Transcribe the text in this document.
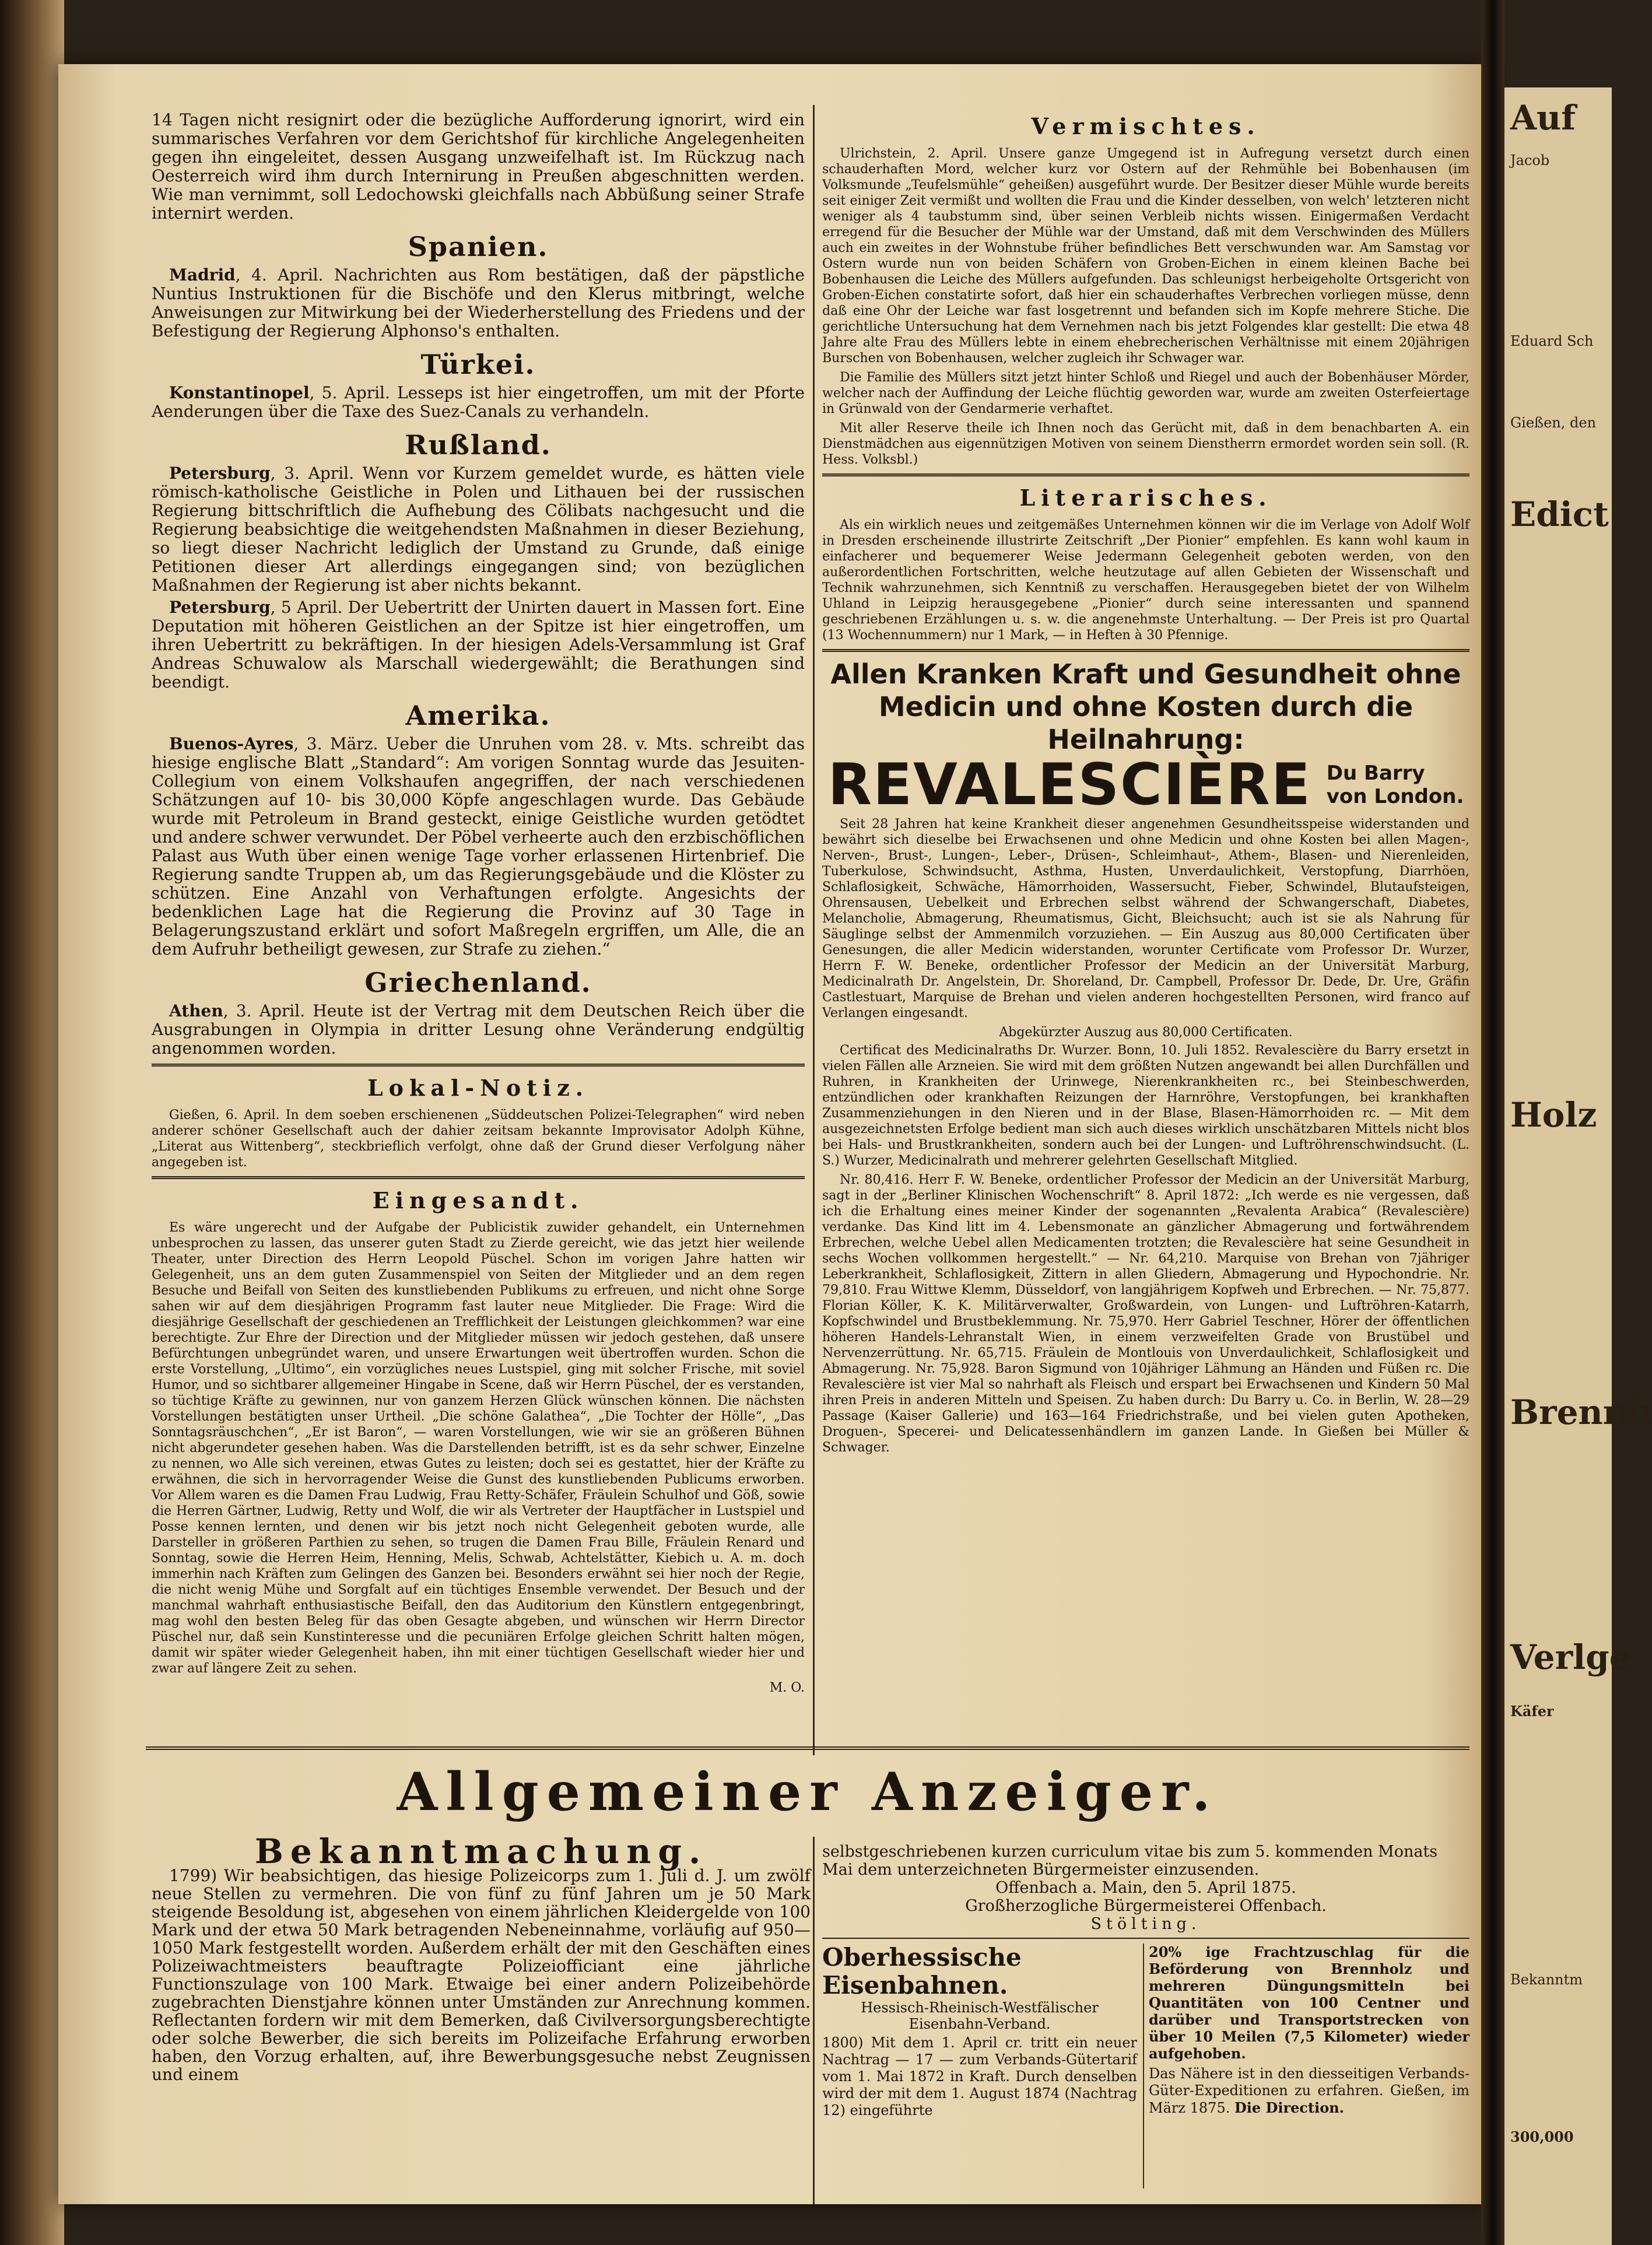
14 Tagen nicht resignirt oder die bezügliche Aufforderung ignorirt, wird ein summarisches Verfahren vor dem Gerichtshof für kirchliche Angelegenheiten gegen ihn eingeleitet, dessen Ausgang unzweifelhaft ist. Im Rückzug nach Oesterreich wird ihm durch Internirung in Preußen abgeschnitten werden. Wie man vernimmt, soll Ledochowski gleichfalls nach Abbüßung seiner Strafe internirt werden.

Spanien.

Madrid, 4. April. Nachrichten aus Rom bestätigen, daß der päpstliche Nuntius Instruktionen für die Bischöfe und den Klerus mitbringt, welche Anweisungen zur Mitwirkung bei der Wiederherstellung des Friedens und der Befestigung der Regierung Alphonso's enthalten.

Türkei.

Konstantinopel, 5. April. Lesseps ist hier eingetroffen, um mit der Pforte Aenderungen über die Taxe des Suez-Canals zu verhandeln.

Rußland.

Petersburg, 3. April. Wenn vor Kurzem gemeldet wurde, es hätten viele römisch-katholische Geistliche in Polen und Lithauen bei der russischen Regierung bittschriftlich die Aufhebung des Cölibats nachgesucht und die Regierung beabsichtige die weitgehendsten Maßnahmen in dieser Beziehung, so liegt dieser Nachricht lediglich der Umstand zu Grunde, daß einige Petitionen dieser Art allerdings eingegangen sind; von bezüglichen Maßnahmen der Regierung ist aber nichts bekannt.

Petersburg, 5 April. Der Uebertritt der Unirten dauert in Massen fort. Eine Deputation mit höheren Geistlichen an der Spitze ist hier eingetroffen, um ihren Uebertritt zu bekräftigen. In der hiesigen Adels-Versammlung ist Graf Andreas Schuwalow als Marschall wiedergewählt; die Berathungen sind beendigt.

Amerika.

Buenos-Ayres, 3. März. Ueber die Unruhen vom 28. v. Mts. schreibt das hiesige englische Blatt „Standard“: Am vorigen Sonntag wurde das Jesuiten-Collegium von einem Volkshaufen angegriffen, der nach verschiedenen Schätzungen auf 10- bis 30,000 Köpfe angeschlagen wurde. Das Gebäude wurde mit Petroleum in Brand gesteckt, einige Geistliche wurden getödtet und andere schwer verwundet. Der Pöbel verheerte auch den erzbischöflichen Palast aus Wuth über einen wenige Tage vorher erlassenen Hirtenbrief. Die Regierung sandte Truppen ab, um das Regierungsgebäude und die Klöster zu schützen. Eine Anzahl von Verhaftungen erfolgte. Angesichts der bedenklichen Lage hat die Regierung die Provinz auf 30 Tage in Belagerungszustand erklärt und sofort Maßregeln ergriffen, um Alle, die an dem Aufruhr betheiligt gewesen, zur Strafe zu ziehen.“

Griechenland.

Athen, 3. April. Heute ist der Vertrag mit dem Deutschen Reich über die Ausgrabungen in Olympia in dritter Lesung ohne Veränderung endgültig angenommen worden.

Lokal-Notiz.

Gießen, 6. April. In dem soeben erschienenen „Süddeutschen Polizei-Telegraphen“ wird neben anderer schöner Gesellschaft auch der dahier zeitsam bekannte Improvisator Adolph Kühne, „Literat aus Wittenberg“, steckbrieflich verfolgt, ohne daß der Grund dieser Verfolgung näher angegeben ist.

Eingesandt.

Es wäre ungerecht und der Aufgabe der Publicistik zuwider gehandelt, ein Unternehmen unbesprochen zu lassen, das unserer guten Stadt zu Zierde gereicht, wie das jetzt hier weilende Theater, unter Direction des Herrn Leopold Püschel. Schon im vorigen Jahre hatten wir Gelegenheit, uns an dem guten Zusammenspiel von Seiten der Mitglieder und an dem regen Besuche und Beifall von Seiten des kunstliebenden Publikums zu erfreuen, und nicht ohne Sorge sahen wir auf dem diesjährigen Programm fast lauter neue Mitglieder. Die Frage: Wird die diesjährige Gesellschaft der geschiedenen an Trefflichkeit der Leistungen gleichkommen? war eine berechtigte. Zur Ehre der Direction und der Mitglieder müssen wir jedoch gestehen, daß unsere Befürchtungen unbegründet waren, und unsere Erwartungen weit übertroffen wurden. Schon die erste Vorstellung, „Ultimo“, ein vorzügliches neues Lustspiel, ging mit solcher Frische, mit soviel Humor, und so sichtbarer allgemeiner Hingabe in Scene, daß wir Herrn Püschel, der es verstanden, so tüchtige Kräfte zu gewinnen, nur von ganzem Herzen Glück wünschen können. Die nächsten Vorstellungen bestätigten unser Urtheil. „Die schöne Galathea“, „Die Tochter der Hölle“, „Das Sonntagsräuschchen“, „Er ist Baron“, — waren Vorstellungen, wie wir sie an größeren Bühnen nicht abgerundeter gesehen haben. Was die Darstellenden betrifft, ist es da sehr schwer, Einzelne zu nennen, wo Alle sich vereinen, etwas Gutes zu leisten; doch sei es gestattet, hier der Kräfte zu erwähnen, die sich in hervorragender Weise die Gunst des kunstliebenden Publicums erworben. Vor Allem waren es die Damen Frau Ludwig, Frau Retty-Schäfer, Fräulein Schulhof und Göß, sowie die Herren Gärtner, Ludwig, Retty und Wolf, die wir als Vertreter der Hauptfächer in Lustspiel und Posse kennen lernten, und denen wir bis jetzt noch nicht Gelegenheit geboten wurde, alle Darsteller in größeren Parthien zu sehen, so trugen die Damen Frau Bille, Fräulein Renard und Sonntag, sowie die Herren Heim, Henning, Melis, Schwab, Achtelstätter, Kiebich u. A. m. doch immerhin nach Kräften zum Gelingen des Ganzen bei. Besonders erwähnt sei hier noch der Regie, die nicht wenig Mühe und Sorgfalt auf ein tüchtiges Ensemble verwendet. Der Besuch und der manchmal wahrhaft enthusiastische Beifall, den das Auditorium den Künstlern entgegenbringt, mag wohl den besten Beleg für das oben Gesagte abgeben, und wünschen wir Herrn Director Püschel nur, daß sein Kunstinteresse und die pecuniären Erfolge gleichen Schritt halten mögen, damit wir später wieder Gelegenheit haben, ihn mit einer tüchtigen Gesellschaft wieder hier und zwar auf längere Zeit zu sehen.

M. O.
Vermischtes.

Ulrichstein, 2. April. Unsere ganze Umgegend ist in Aufregung versetzt durch einen schauderhaften Mord, welcher kurz vor Ostern auf der Rehmühle bei Bobenhausen (im Volksmunde „Teufelsmühle“ geheißen) ausgeführt wurde. Der Besitzer dieser Mühle wurde bereits seit einiger Zeit vermißt und wollten die Frau und die Kinder desselben, von welch' letzteren nicht weniger als 4 taubstumm sind, über seinen Verbleib nichts wissen. Einigermaßen Verdacht erregend für die Besucher der Mühle war der Umstand, daß mit dem Verschwinden des Müllers auch ein zweites in der Wohnstube früher befindliches Bett verschwunden war. Am Samstag vor Ostern wurde nun von beiden Schäfern von Groben-Eichen in einem kleinen Bache bei Bobenhausen die Leiche des Müllers aufgefunden. Das schleunigst herbeigeholte Ortsgericht von Groben-Eichen constatirte sofort, daß hier ein schauderhaftes Verbrechen vorliegen müsse, denn daß eine Ohr der Leiche war fast losgetrennt und befanden sich im Kopfe mehrere Stiche. Die gerichtliche Untersuchung hat dem Vernehmen nach bis jetzt Folgendes klar gestellt: Die etwa 48 Jahre alte Frau des Müllers lebte in einem ehebrecherischen Verhältnisse mit einem 20jährigen Burschen von Bobenhausen, welcher zugleich ihr Schwager war.

Die Familie des Müllers sitzt jetzt hinter Schloß und Riegel und auch der Bobenhäuser Mörder, welcher nach der Auffindung der Leiche flüchtig geworden war, wurde am zweiten Osterfeiertage in Grünwald von der Gendarmerie verhaftet.

Mit aller Reserve theile ich Ihnen noch das Gerücht mit, daß in dem benachbarten A. ein Dienstmädchen aus eigennützigen Motiven von seinem Dienstherrn ermordet worden sein soll. (R. Hess. Volksbl.)

Literarisches.

Als ein wirklich neues und zeitgemäßes Unternehmen können wir die im Verlage von Adolf Wolf in Dresden erscheinende illustrirte Zeitschrift „Der Pionier“ empfehlen. Es kann wohl kaum in einfacherer und bequemerer Weise Jedermann Gelegenheit geboten werden, von den außerordentlichen Fortschritten, welche heutzutage auf allen Gebieten der Wissenschaft und Technik wahrzunehmen, sich Kenntniß zu verschaffen. Herausgegeben bietet der von Wilhelm Uhland in Leipzig herausgegebene „Pionier“ durch seine interessanten und spannend geschriebenen Erzählungen u. s. w. die angenehmste Unterhaltung. — Der Preis ist pro Quartal (13 Wochennummern) nur 1 Mark, — in Heften à 30 Pfennige.

Allen Kranken Kraft und Gesundheit ohne Medicin und ohne Kosten durch die Heilnahrung:
REVALESCIÈRE Du Barry
von London.

Seit 28 Jahren hat keine Krankheit dieser angenehmen Gesundheitsspeise widerstanden und bewährt sich dieselbe bei Erwachsenen und ohne Medicin und ohne Kosten bei allen Magen-, Nerven-, Brust-, Lungen-, Leber-, Drüsen-, Schleimhaut-, Athem-, Blasen- und Nierenleiden, Tuberkulose, Schwindsucht, Asthma, Husten, Unverdaulichkeit, Verstopfung, Diarrhöen, Schlaflosigkeit, Schwäche, Hämorrhoiden, Wassersucht, Fieber, Schwindel, Blutaufsteigen, Ohrensausen, Uebelkeit und Erbrechen selbst während der Schwangerschaft, Diabetes, Melancholie, Abmagerung, Rheumatismus, Gicht, Bleichsucht; auch ist sie als Nahrung für Säuglinge selbst der Ammenmilch vorzuziehen. — Ein Auszug aus 80,000 Certificaten über Genesungen, die aller Medicin widerstanden, worunter Certificate vom Professor Dr. Wurzer, Herrn F. W. Beneke, ordentlicher Professor der Medicin an der Universität Marburg, Medicinalrath Dr. Angelstein, Dr. Shoreland, Dr. Campbell, Professor Dr. Dede, Dr. Ure, Gräfin Castlestuart, Marquise de Brehan und vielen anderen hochgestellten Personen, wird franco auf Verlangen eingesandt.

Abgekürzter Auszug aus 80,000 Certificaten.

Certificat des Medicinalraths Dr. Wurzer. Bonn, 10. Juli 1852. Revalescière du Barry ersetzt in vielen Fällen alle Arzneien. Sie wird mit dem größten Nutzen angewandt bei allen Durchfällen und Ruhren, in Krankheiten der Urinwege, Nierenkrankheiten rc., bei Steinbeschwerden, entzündlichen oder krankhaften Reizungen der Harnröhre, Verstopfungen, bei krankhaften Zusammenziehungen in den Nieren und in der Blase, Blasen-Hämorrhoiden rc. — Mit dem ausgezeichnetsten Erfolge bedient man sich auch dieses wirklich unschätzbaren Mittels nicht blos bei Hals- und Brustkrankheiten, sondern auch bei der Lungen- und Luftröhrenschwindsucht. (L. S.) Wurzer, Medicinalrath und mehrerer gelehrten Gesellschaft Mitglied.

Nr. 80,416. Herr F. W. Beneke, ordentlicher Professor der Medicin an der Universität Marburg, sagt in der „Berliner Klinischen Wochenschrift“ 8. April 1872: „Ich werde es nie vergessen, daß ich die Erhaltung eines meiner Kinder der sogenannten „Revalenta Arabica“ (Revalescière) verdanke. Das Kind litt im 4. Lebensmonate an gänzlicher Abmagerung und fortwährendem Erbrechen, welche Uebel allen Medicamenten trotzten; die Revalescière hat seine Gesundheit in sechs Wochen vollkommen hergestellt.“ — Nr. 64,210. Marquise von Brehan von 7jähriger Leberkrankheit, Schlaflosigkeit, Zittern in allen Gliedern, Abmagerung und Hypochondrie. Nr. 79,810. Frau Wittwe Klemm, Düsseldorf, von langjährigem Kopfweh und Erbrechen. — Nr. 75,877. Florian Köller, K. K. Militärverwalter, Großwardein, von Lungen- und Luftröhren-Katarrh, Kopfschwindel und Brustbeklemmung. Nr. 75,970. Herr Gabriel Teschner, Hörer der öffentlichen höheren Handels-Lehranstalt Wien, in einem verzweifelten Grade von Brustübel und Nervenzerrüttung. Nr. 65,715. Fräulein de Montlouis von Unverdaulichkeit, Schlaflosigkeit und Abmagerung. Nr. 75,928. Baron Sigmund von 10jähriger Lähmung an Händen und Füßen rc. Die Revalescière ist vier Mal so nahrhaft als Fleisch und erspart bei Erwachsenen und Kindern 50 Mal ihren Preis in anderen Mitteln und Speisen. Zu haben durch: Du Barry u. Co. in Berlin, W. 28—29 Passage (Kaiser Gallerie) und 163—164 Friedrichstraße, und bei vielen guten Apotheken, Droguen-, Specerei- und Delicatessenhändlern im ganzen Lande. In Gießen bei Müller & Schwager.

Allgemeiner Anzeiger.
Bekanntmachung.

1799) Wir beabsichtigen, das hiesige Polizeicorps zum 1. Juli d. J. um zwölf neue Stellen zu vermehren. Die von fünf zu fünf Jahren um je 50 Mark steigende Besoldung ist, abgesehen von einem jährlichen Kleidergelde von 100 Mark und der etwa 50 Mark betragenden Nebeneinnahme, vorläufig auf 950—1050 Mark festgestellt worden. Außerdem erhält der mit den Geschäften eines Polizeiwachtmeisters beauftragte Polizeiofficiant eine jährliche Functionszulage von 100 Mark. Etwaige bei einer andern Polizeibehörde zugebrachten Dienstjahre können unter Umständen zur Anrechnung kommen. Reflectanten fordern wir mit dem Bemerken, daß Civilversorgungsberechtigte oder solche Bewerber, die sich bereits im Polizeifache Erfahrung erworben haben, den Vorzug erhalten, auf, ihre Bewerbungsgesuche nebst Zeugnissen und einem

selbstgeschriebenen kurzen curriculum vitae bis zum 5. kommenden Monats Mai dem unterzeichneten Bürgermeister einzusenden.

Offenbach a. Main, den 5. April 1875.
Großherzogliche Bürgermeisterei Offenbach.
Stölting.
Oberhessische Eisenbahnen.
Hessisch-Rheinisch-Westfälischer Eisenbahn-Verband.

1800) Mit dem 1. April cr. tritt ein neuer Nachtrag — 17 — zum Verbands-Gütertarif vom 1. Mai 1872 in Kraft. Durch denselben wird der mit dem 1. August 1874 (Nachtrag 12) eingeführte

20% ige Frachtzuschlag für die Beförderung von Brennholz und mehreren Düngungsmitteln bei Quantitäten von 100 Centner und darüber und Transportstrecken von über 10 Meilen (7,5 Kilometer) wieder aufgehoben.

Das Nähere ist in den diesseitigen Verbands-Güter-Expeditionen zu erfahren. Gießen, im März 1875. Die Direction.

Auf
Jacob
Eduard Sch
Gießen, den
Edict
Holz
Brennh
Verlge
Käfer
Bekanntm
300,000
